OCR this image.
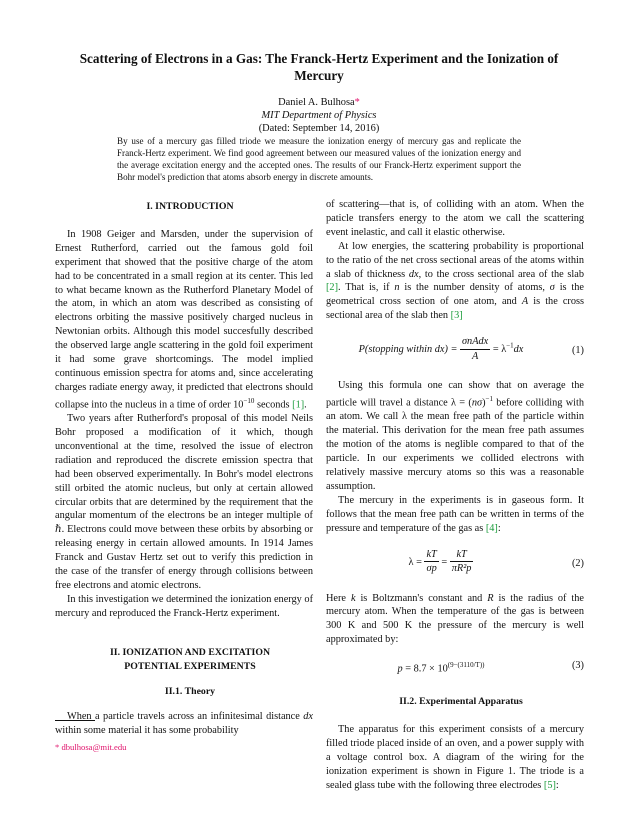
Scattering of Electrons in a Gas: The Franck-Hertz Experiment and the Ionization of Mercury
Daniel A. Bulhosa*
MIT Department of Physics
(Dated: September 14, 2016)
By use of a mercury gas filled triode we measure the ionization energy of mercury gas and replicate the Franck-Hertz experiment. We find good agreement between our measured values of the ionization energy and the average excitation energy and the accepted ones. The results of our Franck-Hertz experiment support the Bohr model's prediction that atoms absorb energy in discrete amounts.

I. INTRODUCTION

In 1908 Geiger and Marsden, under the supervision of Ernest Rutherford, carried out the famous gold foil experiment that showed that the positive charge of the atom had to be concentrated in a small region at its center. This led to what became known as the Rutherford Planetary Model of the atom, in which an atom was described as consisting of electrons orbiting the massive positively charged nucleus in Newtonian orbits. Although this model succesfully described the observed large angle scattering in the gold foil experiment it had some grave shortcomings. The model implied continuous emission spectra for atoms and, since accelerating charges radiate energy away, it predicted that electrons should collapse into the nucleus in a time of order $10^{-10}$ seconds [1].

Two years after Rutherford's proposal of this model Neils Bohr proposed a modification of it which, though unconventional at the time, resolved the issue of electron radiation and reproduced the discrete emission spectra that had been observed experimentally. In Bohr's model electrons still orbited the atomic nucleus, but only at certain allowed circular orbits that are determined by the requirement that the angular momentum of the electrons be an integer multiple of ℏ. Electrons could move between these orbits by absorbing or releasing energy in certain allowed amounts. In 1914 James Franck and Gustav Hertz set out to verify this prediction in the case of the transfer of energy through collisions between free electrons and atomic electrons.

In this investigation we determined the ionization energy of mercury and reproduced the Franck-Hertz experiment.

II. IONIZATION AND EXCITATION

POTENTIAL EXPERIMENTS

II.1. Theory

When a particle travels across an infinitesimal distance dx within some material it has some probability

of scattering—that is, of colliding with an atom. When the paticle transfers energy to the atom we call the scattering event inelastic, and call it elastic otherwise.

At low energies, the scattering probability is proportional to the ratio of the net cross sectional areas of the atoms within a slab of thickness dx, to the cross sectional area of the slab [2]. That is, if n is the number density of atoms, σ is the geometrical cross section of one atom, and A is the cross sectional area of the slab then [3]

P(stopping within $dx) = \frac{\text{σnAdx}}{A} = \lambda^{-1}dx$	(1)

Using this formula one can show that on average the particle will travel a distance $\lambda = (n\sigma)^{-1}$ before colliding with an atom. We call λ the mean free path of the particle within the material. This derivation for the mean free path assumes the motion of the atoms is neglible compared to that of the particle. In our experiments we collided electrons with relatively massive mercury atoms so this was a reasonable assumption.

The mercury in the experiments is in gaseous form. It follows that the mean free path can be written in terms of the pressure and temperature of the gas as [4]:

$\lambda = \frac{kT}{\sigma p} = \frac{kT}{\text{πR²p}}$	(2)

Here k is Boltzmann's constant and R is the radius of the mercury atom. When the temperature of the gas is between 300 K and 500 K the pressure of the mercury is well approximated by:

$p = 8.7 \times 10^{(9-(3110/T))}$	(3)

II.2. Experimental Apparatus

The apparatus for this experiment consists of a mercury filled triode placed inside of an oven, and a power supply with a voltage control box. A diagram of the wiring for the ionization experiment is shown in Figure 1. The triode is a sealed glass tube with the following three electrodes [5]:

* dbulhosa@mit.edu
